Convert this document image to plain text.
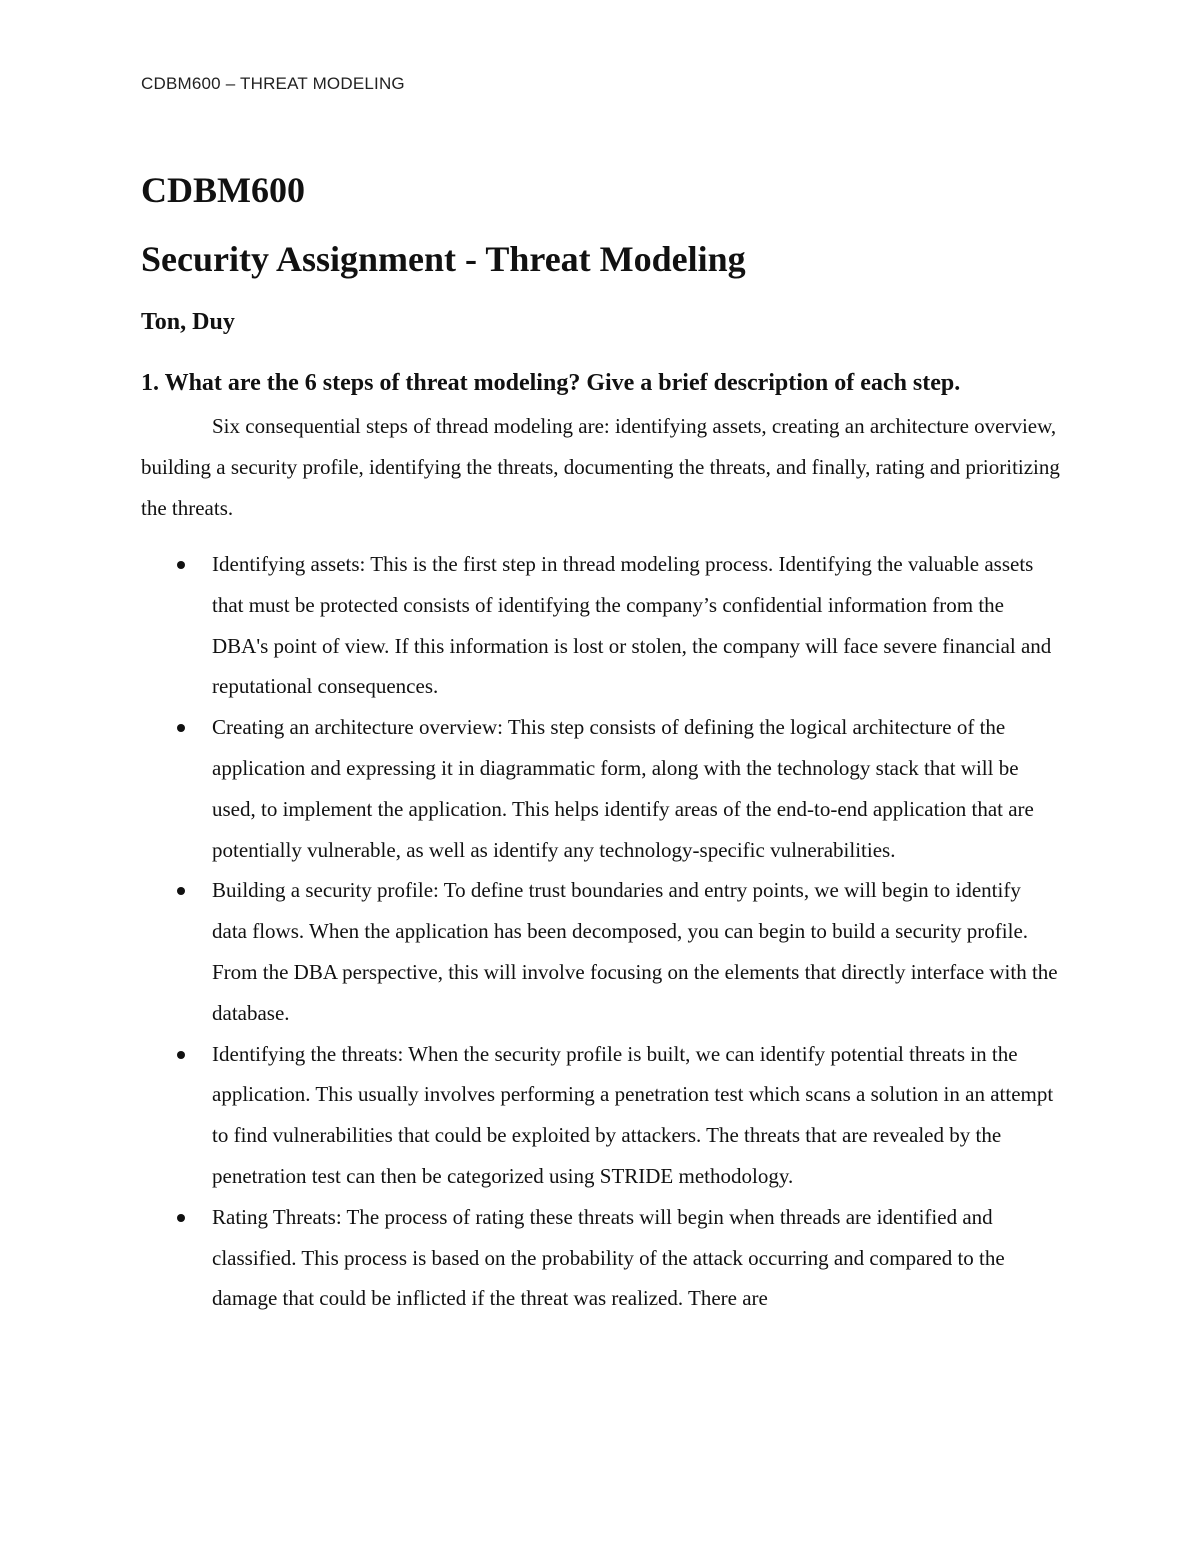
CDBM600 – THREAT MODELING
CDBM600
Security Assignment - Threat Modeling
Ton, Duy
1. What are the 6 steps of threat modeling? Give a brief description of each step.

Six consequential steps of thread modeling are: identifying assets, creating an architecture overview, building a security profile, identifying the threats, documenting the threats, and finally, rating and prioritizing the threats.

Identifying assets: This is the first step in thread modeling process. Identifying the valuable assets that must be protected consists of identifying the company’s confidential information from the DBA's point of view. If this information is lost or stolen, the company will face severe financial and reputational consequences.
Creating an architecture overview: This step consists of defining the logical architecture of the application and expressing it in diagrammatic form, along with the technology stack that will be used, to implement the application. This helps identify areas of the end-to-end application that are potentially vulnerable, as well as identify any technology-specific vulnerabilities.
Building a security profile: To define trust boundaries and entry points, we will begin to identify data flows. When the application has been decomposed, you can begin to build a security profile. From the DBA perspective, this will involve focusing on the elements that directly interface with the database.
Identifying the threats: When the security profile is built, we can identify potential threats in the application. This usually involves performing a penetration test which scans a solution in an attempt to find vulnerabilities that could be exploited by attackers. The threats that are revealed by the penetration test can then be categorized using STRIDE methodology.
Rating Threats: The process of rating these threats will begin when threads are identified and classified. This process is based on the probability of the attack occurring and compared to the damage that could be inflicted if the threat was realized. There are
